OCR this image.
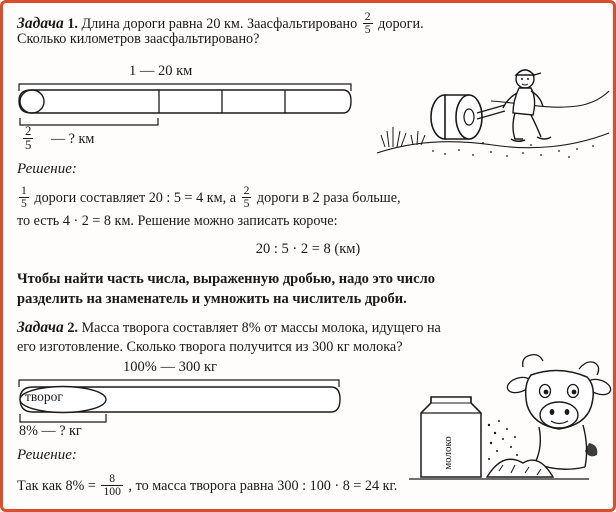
Задача 1. Длина дороги равна 20 км. Заасфальтировано $\frac{2}{5}$ дороги.
Сколько километров заасфальтировано?
1 — 20 км
$\frac{2}{5}$ — ? км
Решение:
$\frac{1}{5}$ дороги составляет 20 : 5 = 4 км, а $\frac{2}{5}$ дороги в 2 раза больше,
то есть 4 · 2 = 8 км. Решение можно записать короче:
20 : 5 · 2 = 8 (км)
Чтобы найти часть числа, выраженную дробью, надо это число
разделить на знаменатель и умножить на числитель дроби.
Задача 2. Масса творога составляет 8% от массы молока, идущего на
его изготовление. Сколько творога получится из 300 кг молока?
100% — 300 кг
творог
8% — ? кг
молоко
Решение:
Так как $8\% = \frac{8}{100}$ , то масса творога равна 300 : 100 · 8 = 24 кг.
